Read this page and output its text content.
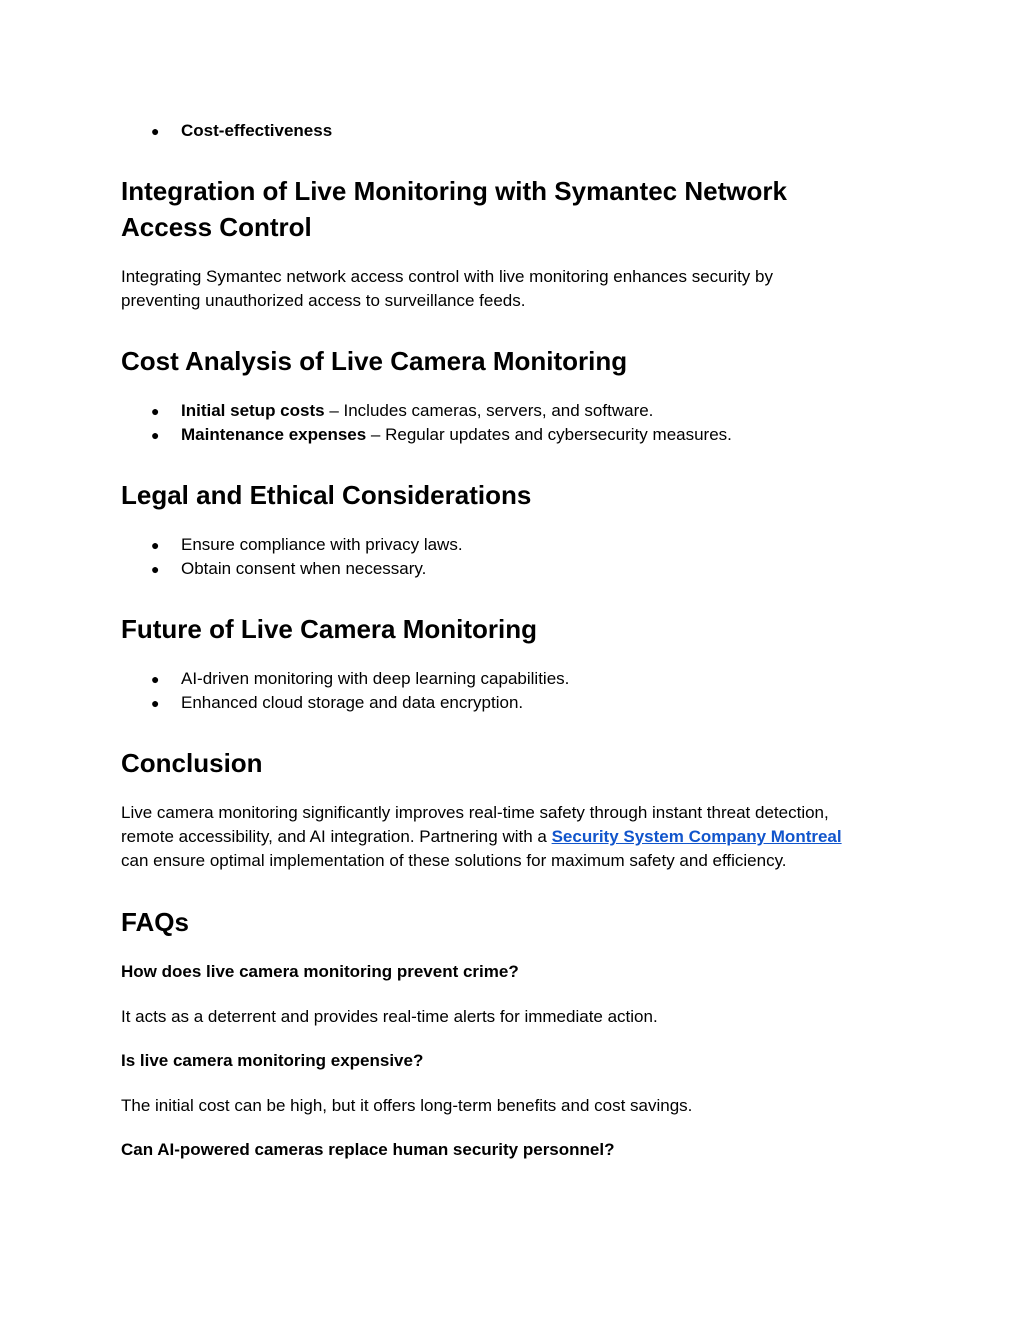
● Cost-effectiveness
Integration of Live Monitoring with Symantec Network
Access Control
Integrating Symantec network access control with live monitoring enhances security by
preventing unauthorized access to surveillance feeds.
Cost Analysis of Live Camera Monitoring
● Initial setup costs – Includes cameras, servers, and software.
● Maintenance expenses – Regular updates and cybersecurity measures.
Legal and Ethical Considerations
● Ensure compliance with privacy laws.
● Obtain consent when necessary.
Future of Live Camera Monitoring
● AI-driven monitoring with deep learning capabilities.
● Enhanced cloud storage and data encryption.
Conclusion
Live camera monitoring significantly improves real-time safety through instant threat detection,
remote accessibility, and AI integration. Partnering with a Security System Company Montreal
can ensure optimal implementation of these solutions for maximum safety and efficiency.
FAQs
How does live camera monitoring prevent crime?
It acts as a deterrent and provides real-time alerts for immediate action.
Is live camera monitoring expensive?
The initial cost can be high, but it offers long-term benefits and cost savings.
Can AI-powered cameras replace human security personnel?
